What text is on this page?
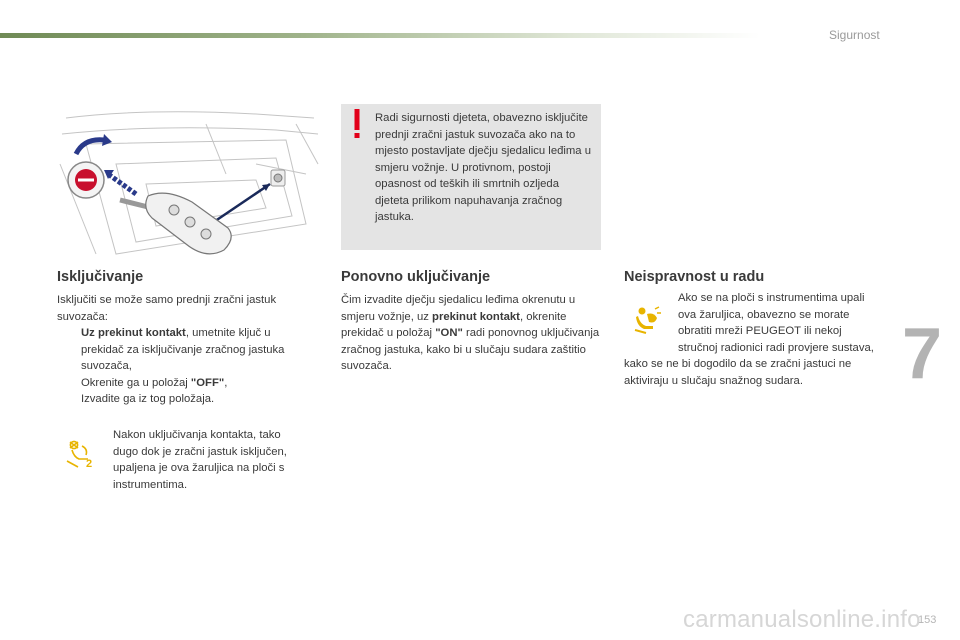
Sigurnost
Radi sigurnosti djeteta, obavezno isključite prednji zračni jastuk suvozača ako na to mjesto postavljate dječju sjedalicu leđima u smjeru vožnje. U protivnom, postoji opasnost od teških ili smrtnih ozljeda djeteta prilikom napuhavanja zračnog jastuka.
Isključivanje
Isključiti se može samo prednji zračni jastuk suvozača:
Uz prekinut kontakt, umetnite ključ u prekidač za isključivanje zračnog jastuka suvozača,
Okrenite ga u položaj "OFF",
Izvadite ga iz tog položaja.
2
Nakon uključivanja kontakta, tako dugo dok je zračni jastuk isključen, upaljena je ova žaruljica na ploči s instrumentima.
Ponovno uključivanje
Čim izvadite dječju sjedalicu leđima okrenutu u smjeru vožnje, uz prekinut kontakt, okrenite prekidač u položaj "ON" radi ponovnog uključivanja zračnog jastuka, kako bi u slučaju sudara zaštitio suvozača.
Neispravnost u radu
Ako se na ploči s instrumentima upali ova žaruljica, obavezno se morate obratiti mreži PEUGEOT ili nekoj stručnoj radionici radi provjere sustava, kako se ne bi dogodilo da se zračni jastuci ne aktiviraju u slučaju snažnog sudara.	7
carmanualsonline.info
153
